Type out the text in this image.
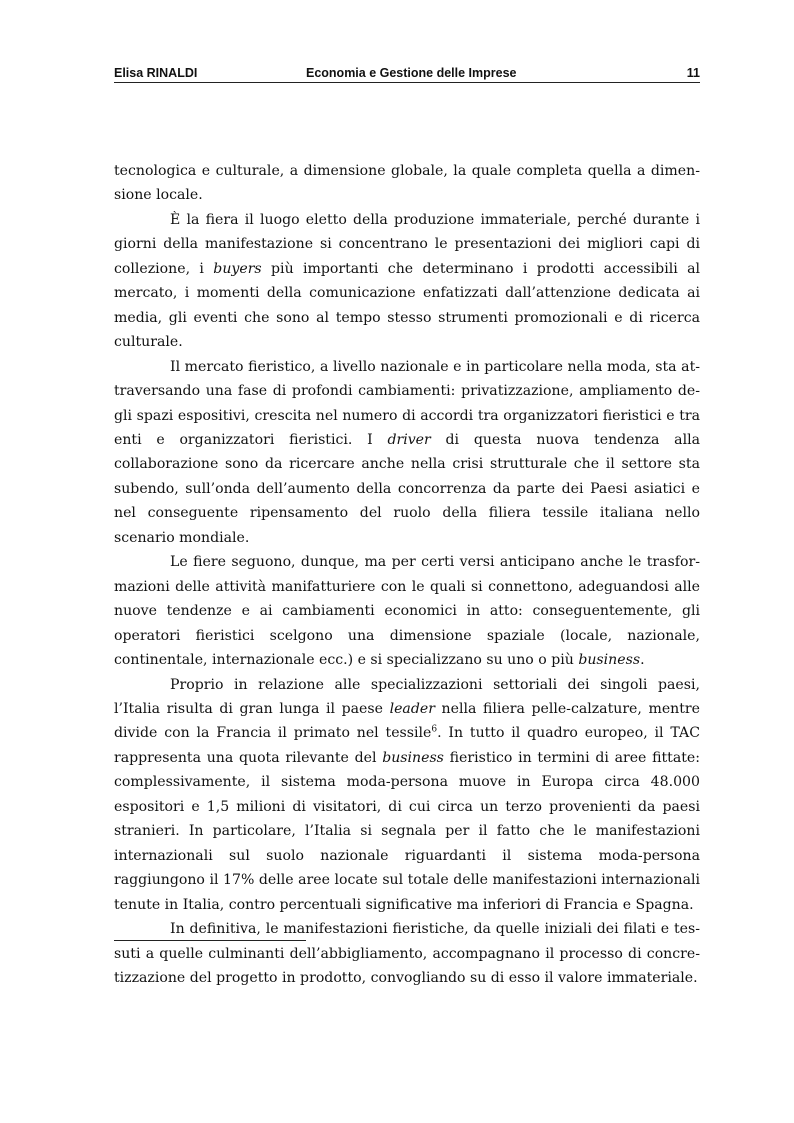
Elisa RINALDI	Economia e Gestione delle Imprese	11

tecnologica e culturale, a dimensione globale, la quale completa quella a dimensione locale.

È la fiera il luogo eletto della produzione immateriale, perché durante i giorni della manifestazione si concentrano le presentazioni dei migliori capi di collezione, i buyers più importanti che determinano i prodotti accessibili al mercato, i momenti della comunicazione enfatizzati dall’attenzione dedicata ai media, gli eventi che sono al tempo stesso strumenti promozionali e di ricerca culturale.

Il mercato fieristico, a livello nazionale e in particolare nella moda, sta attraversando una fase di profondi cambiamenti: privatizzazione, ampliamento degli spazi espositivi, crescita nel numero di accordi tra organizzatori fieristici e tra enti e organizzatori fieristici. I driver di questa nuova tendenza alla collaborazione sono da ricercare anche nella crisi strutturale che il settore sta subendo, sull’onda dell’aumento della concorrenza da parte dei Paesi asiatici e nel conseguente ripensamento del ruolo della filiera tessile italiana nello scenario mondiale.

Le fiere seguono, dunque, ma per certi versi anticipano anche le trasformazioni delle attività manifatturiere con le quali si connettono, adeguandosi alle nuove tendenze e ai cambiamenti economici in atto: conseguentemente, gli operatori fieristici scelgono una dimensione spaziale (locale, nazionale, continentale, internazionale ecc.) e si specializzano su uno o più business.

Proprio in relazione alle specializzazioni settoriali dei singoli paesi, l’Italia risulta di gran lunga il paese leader nella filiera pelle-calzature, mentre divide con la Francia il primato nel tessile$^6$. In tutto il quadro europeo, il TAC rappresenta una quota rilevante del business fieristico in termini di aree fittate: complessivamente, il sistema moda-persona muove in Europa circa 48.000 espositori e 1,5 milioni di visitatori, di cui circa un terzo provenienti da paesi stranieri. In particolare, l’Italia si segnala per il fatto che le manifestazioni internazionali sul suolo nazionale riguardanti il sistema moda-persona raggiungono il 17% delle aree locate sul totale delle manifestazioni internazionali tenute in Italia, contro percentuali significative ma inferiori di Francia e Spagna.

In definitiva, le manifestazioni fieristiche, da quelle iniziali dei filati e tessuti a quelle culminanti dell’abbigliamento, accompagnano il processo di concretizzazione del progetto in prodotto, convogliando su di esso il valore immateriale.
